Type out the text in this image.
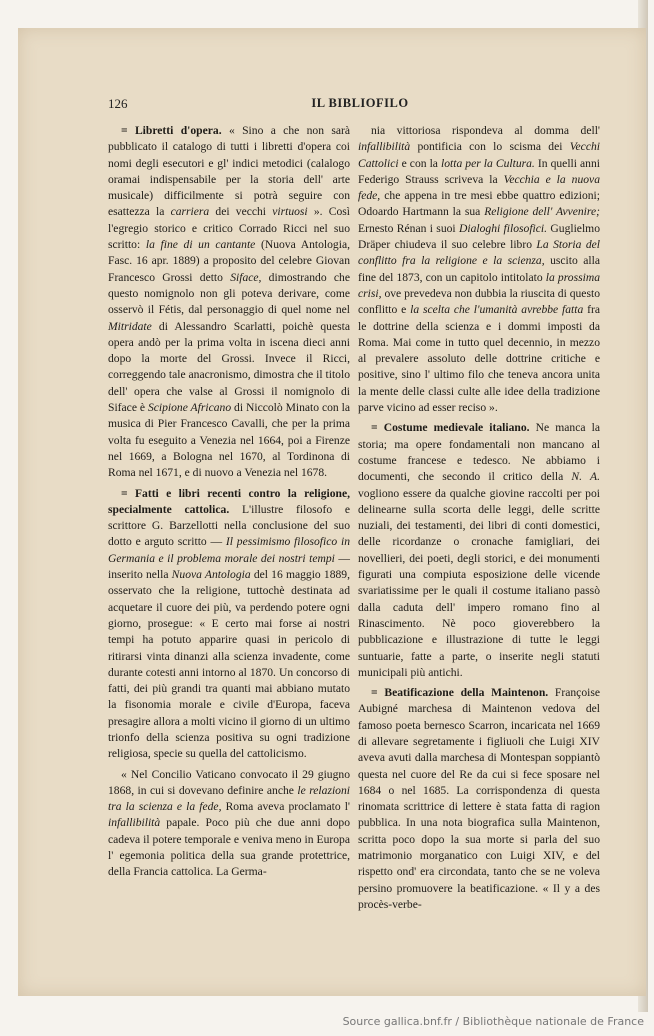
126	IL BIBLIOFILO

= Libretti d'opera. « Sino a che non sarà pubblicato il catalogo di tutti i libretti d'opera coi nomi degli esecutori e gl' indici metodici (calalogo oramai indispensabile per la storia dell' arte musicale) difficilmente si potrà seguire con esattezza la carriera dei vecchi virtuosi ». Così l'egregio storico e critico Corrado Ricci nel suo scritto: la fine di un cantante (Nuova Antologia, Fasc. 16 apr. 1889) a proposito del celebre Giovan Francesco Grossi detto Siface, dimostrando che questo nomignolo non gli poteva derivare, come osservò il Fétis, dal personaggio di quel nome nel Mitridate di Alessandro Scarlatti, poichè questa opera andò per la prima volta in iscena dieci anni dopo la morte del Grossi. Invece il Ricci, correggendo tale anacronismo, dimostra che il titolo dell' opera che valse al Grossi il nomignolo di Siface è Scipione Africano di Niccolò Minato con la musica di Pier Francesco Cavalli, che per la prima volta fu eseguito a Venezia nel 1664, poi a Firenze nel 1669, a Bologna nel 1670, al Tordinona di Roma nel 1671, e di nuovo a Venezia nel 1678.

= Fatti e libri recenti contro la religione, specialmente cattolica. L'illustre filosofo e scrittore G. Barzellotti nella conclusione del suo dotto e arguto scritto — Il pessimismo filosofico in Germania e il problema morale dei nostri tempi — inserito nella Nuova Antologia del 16 maggio 1889, osservato che la religione, tuttochè destinata ad acquetare il cuore dei più, va perdendo potere ogni giorno, prosegue: « E certo mai forse ai nostri tempi ha potuto apparire quasi in pericolo di ritirarsi vinta dinanzi alla scienza invadente, come durante cotesti anni intorno al 1870. Un concorso di fatti, dei più grandi tra quanti mai abbiano mutato la fisonomia morale e civile d'Europa, faceva presagire allora a molti vicino il giorno di un ultimo trionfo della scienza positiva su ogni tradizione religiosa, specie su quella del cattolicismo.

« Nel Concilio Vaticano convocato il 29 giugno 1868, in cui si dovevano definire anche le relazioni tra la scienza e la fede, Roma aveva proclamato l' infallibilità papale. Poco più che due anni dopo cadeva il potere temporale e veniva meno in Europa l' egemonia politica della sua grande protettrice, della Francia cattolica. La Germa-

nia vittoriosa rispondeva al domma dell' infallibilità pontificia con lo scisma dei Vecchi Cattolici e con la lotta per la Cultura. In quelli anni Federigo Strauss scriveva la Vecchia e la nuova fede, che appena in tre mesi ebbe quattro edizioni; Odoardo Hartmann la sua Religione dell' Avvenire; Ernesto Rénan i suoi Dialoghi filosofici. Guglielmo Dräper chiudeva il suo celebre libro La Storia del conflitto fra la religione e la scienza, uscito alla fine del 1873, con un capitolo intitolato la prossima crisi, ove prevedeva non dubbia la riuscita di questo conflitto e la scelta che l'umanità avrebbe fatta fra le dottrine della scienza e i dommi imposti da Roma. Mai come in tutto quel decennio, in mezzo al prevalere assoluto delle dottrine critiche e positive, sino l' ultimo filo che teneva ancora unita la mente delle classi culte alle idee della tradizione parve vicino ad esser reciso ».

= Costume medievale italiano. Ne manca la storia; ma opere fondamentali non mancano al costume francese e tedesco. Ne abbiamo i documenti, che secondo il critico della N. A. vogliono essere da qualche giovine raccolti per poi delinearne sulla scorta delle leggi, delle scritte nuziali, dei testamenti, dei libri di conti domestici, delle ricordanze o cronache famigliari, dei novellieri, dei poeti, degli storici, e dei monumenti figurati una compiuta esposizione delle vicende svariatissime per le quali il costume italiano passò dalla caduta dell' impero romano fino al Rinascimento. Nè poco gioverebbero la pubblicazione e illustrazione di tutte le leggi suntuarie, fatte a parte, o inserite negli statuti municipali più antichi.

= Beatificazione della Maintenon. Françoise Aubigné marchesa di Maintenon vedova del famoso poeta bernesco Scarron, incaricata nel 1669 di allevare segretamente i figliuoli che Luigi XIV aveva avuti dalla marchesa di Montespan soppiantò questa nel cuore del Re da cui si fece sposare nel 1684 o nel 1685. La corrispondenza di questa rinomata scrittrice di lettere è stata fatta di ragion pubblica. In una nota biografica sulla Maintenon, scritta poco dopo la sua morte si parla del suo matrimonio morganatico con Luigi XIV, e del rispetto ond' era circondata, tanto che se ne voleva persino promuovere la beatificazione. « Il y a des procès-verbe-

Source gallica.bnf.fr / Bibliothèque nationale de France
